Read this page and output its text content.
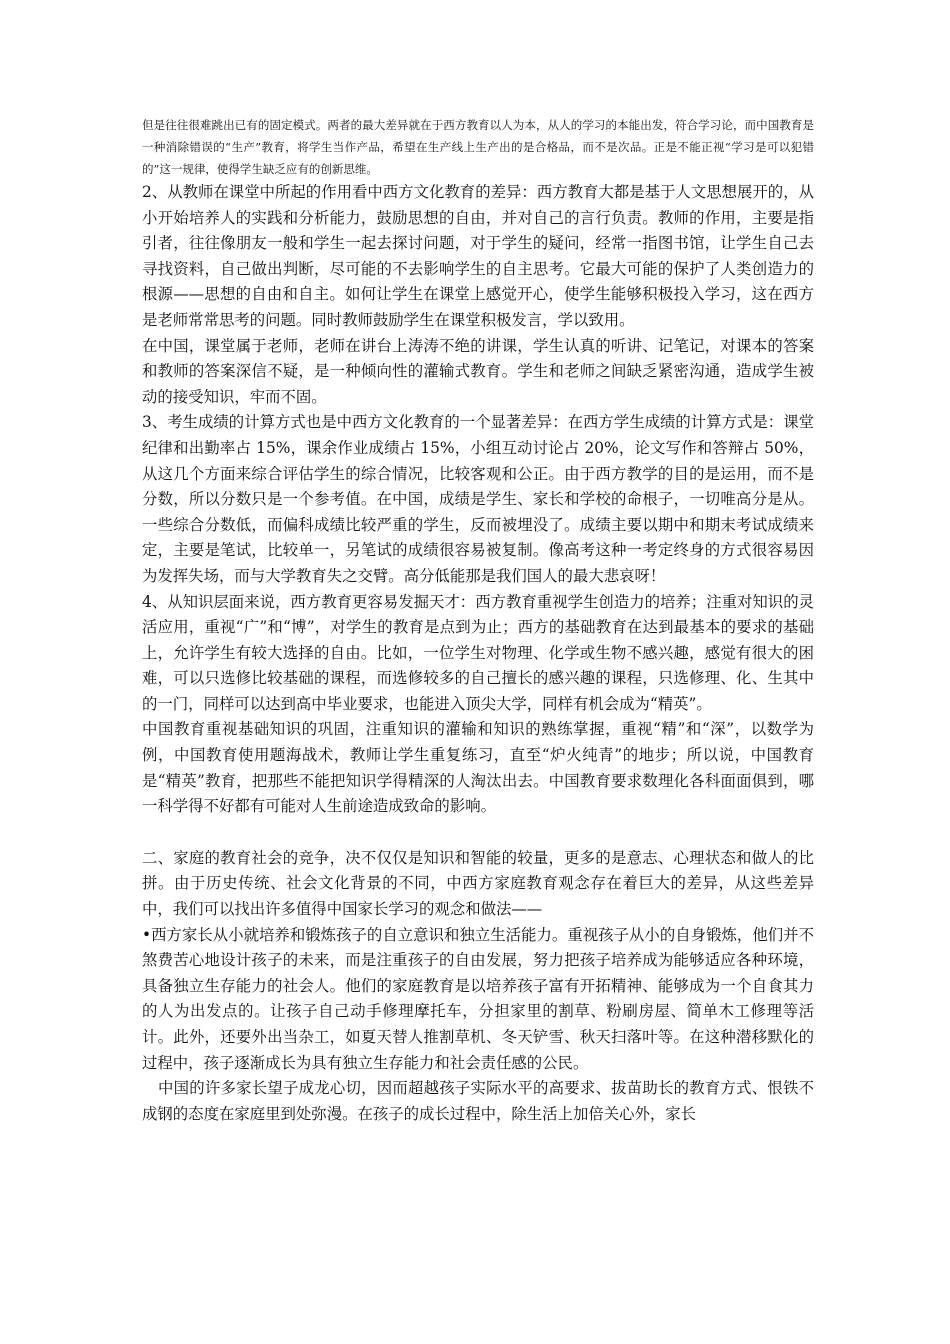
但是往往很难跳出已有的固定模式。两者的最大差异就在于西方教育以人为本，从人的学习的本能出发，符合学习论，而中国教育是一种消除错误的“生产”教育，将学生当作产品，希望在生产线上生产出的是合格品，而不是次品。正是不能正视“学习是可以犯错的”这一规律，使得学生缺乏应有的创新思维。

2、从教师在课堂中所起的作用看中西方文化教育的差异：西方教育大都是基于人文思想展开的，从小开始培养人的实践和分析能力，鼓励思想的自由，并对自己的言行负责。教师的作用，主要是指引者，往往像朋友一般和学生一起去探讨问题，对于学生的疑问，经常一指图书馆，让学生自己去寻找资料，自己做出判断，尽可能的不去影响学生的自主思考。它最大可能的保护了人类创造力的根源——思想的自由和自主。如何让学生在课堂上感觉开心，使学生能够积极投入学习，这在西方是老师常常思考的问题。同时教师鼓励学生在课堂积极发言，学以致用。

在中国，课堂属于老师，老师在讲台上涛涛不绝的讲课，学生认真的听讲、记笔记，对课本的答案和教师的答案深信不疑，是一种倾向性的灌输式教育。学生和老师之间缺乏紧密沟通，造成学生被动的接受知识，牢而不固。

3、考生成绩的计算方式也是中西方文化教育的一个显著差异：在西方学生成绩的计算方式是：课堂纪律和出勤率占 15%，课余作业成绩占 15%，小组互动讨论占 20%，论文写作和答辩占 50%，从这几个方面来综合评估学生的综合情况，比较客观和公正。由于西方教学的目的是运用，而不是分数，所以分数只是一个参考值。在中国，成绩是学生、家长和学校的命根子，一切唯高分是从。一些综合分数低，而偏科成绩比较严重的学生，反而被埋没了。成绩主要以期中和期末考试成绩来定，主要是笔试，比较单一，另笔试的成绩很容易被复制。像高考这种一考定终身的方式很容易因为发挥失场，而与大学教育失之交臂。高分低能那是我们国人的最大悲哀呀！

4、从知识层面来说，西方教育更容易发掘天才：西方教育重视学生创造力的培养；注重对知识的灵活应用，重视“广”和“博”，对学生的教育是点到为止；西方的基础教育在达到最基本的要求的基础上，允许学生有较大选择的自由。比如，一位学生对物理、化学或生物不感兴趣，感觉有很大的困难，可以只选修比较基础的课程，而选修较多的自己擅长的感兴趣的课程，只选修理、化、生其中的一门，同样可以达到高中毕业要求，也能进入顶尖大学，同样有机会成为“精英”。

中国教育重视基础知识的巩固，注重知识的灌输和知识的熟练掌握，重视“精”和“深”，以数学为例，中国教育使用题海战术，教师让学生重复练习，直至“炉火纯青”的地步；所以说，中国教育是“精英”教育，把那些不能把知识学得精深的人淘汰出去。中国教育要求数理化各科面面俱到，哪一科学得不好都有可能对人生前途造成致命的影响。

二、家庭的教育社会的竞争，决不仅仅是知识和智能的较量，更多的是意志、心理状态和做人的比拼。由于历史传统、社会文化背景的不同，中西方家庭教育观念存在着巨大的差异，从这些差异中，我们可以找出许多值得中国家长学习的观念和做法——

•西方家长从小就培养和锻炼孩子的自立意识和独立生活能力。重视孩子从小的自身锻炼，他们并不煞费苦心地设计孩子的未来，而是注重孩子的自由发展，努力把孩子培养成为能够适应各种环境，具备独立生存能力的社会人。他们的家庭教育是以培养孩子富有开拓精神、能够成为一个自食其力的人为出发点的。让孩子自己动手修理摩托车，分担家里的割草、粉刷房屋、简单木工修理等活计。此外，还要外出当杂工，如夏天替人推割草机、冬天铲雪、秋天扫落叶等。在这种潜移默化的过程中，孩子逐渐成长为具有独立生存能力和社会责任感的公民。

中国的许多家长望子成龙心切，因而超越孩子实际水平的高要求、拔苗助长的教育方式、恨铁不成钢的态度在家庭里到处弥漫。在孩子的成长过程中，除生活上加倍关心外，家长
